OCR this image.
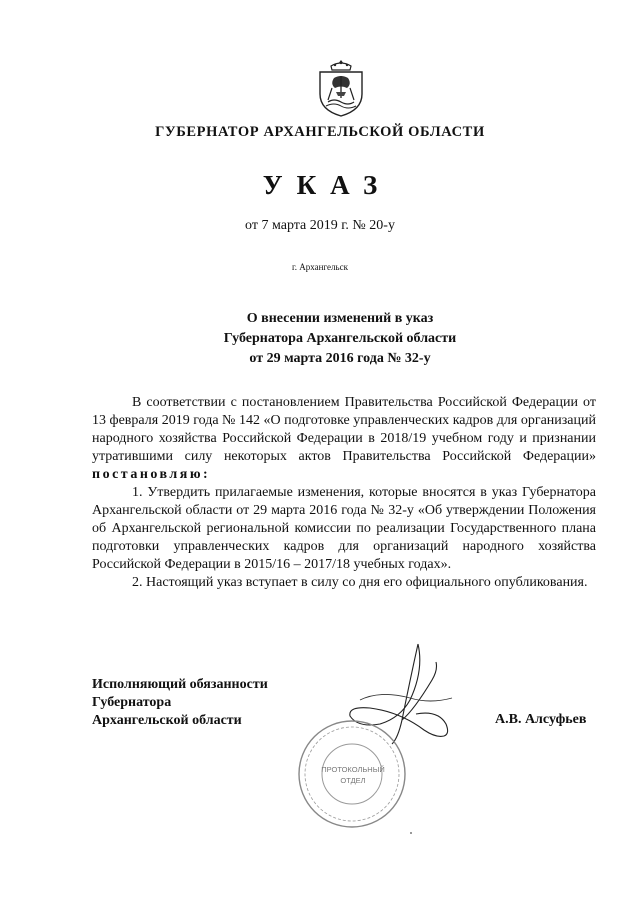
ГУБЕРНАТОР АРХАНГЕЛЬСКОЙ ОБЛАСТИ
УКАЗ
от 7 марта 2019 г. № 20-у
г. Архангельск
О внесении изменений в указ
Губернатора Архангельской области
от 29 марта 2016 года № 32-у

В соответствии с постановлением Правительства Российской Федерации от 13 февраля 2019 года № 142 «О подготовке управленческих кадров для организаций народного хозяйства Российской Федерации в 2018/19 учебном году и признании утратившими силу некоторых актов Правительства Российской Федерации» постановляю:

1. Утвердить прилагаемые изменения, которые вносятся в указ Губернатора Архангельской области от 29 марта 2016 года № 32-у «Об утверждении Положения об Архангельской региональной комиссии по реализации Государственного плана подготовки управленческих кадров для организаций народного хозяйства Российской Федерации в 2015/16 – 2017/18 учебных годах».

2. Настоящий указ вступает в силу со дня его официального опубликования.

Исполняющий обязанности
Губернатора
Архангельской области	А.В. Алсуфьев
ПРОТОКОЛЬНЫЙ
ОТДЕЛ
